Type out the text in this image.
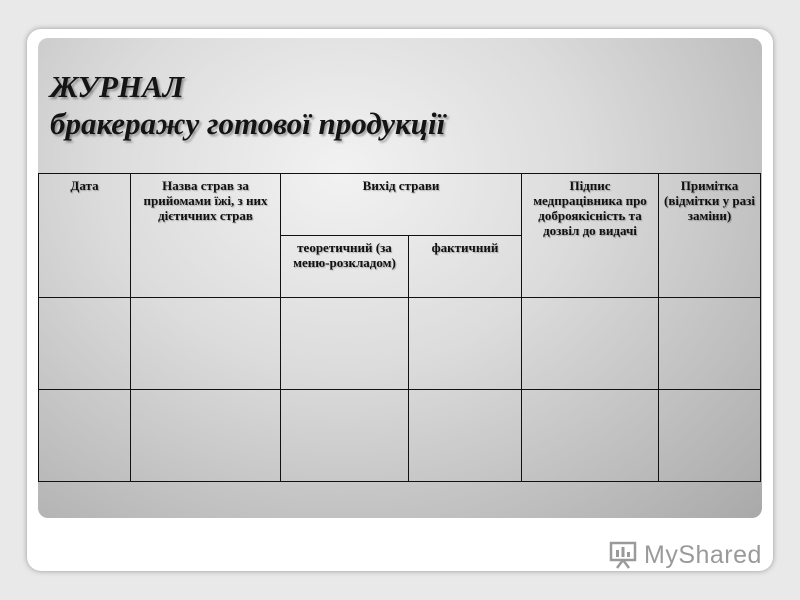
ЖУРНАЛ
бракеражу готової продукції
Дата	Назва страв за прийомами їжі, з них дієтичних страв	Вихід страви		Підпис медпрацівника про доброякісність та дозвіл до видачі	Примітка (відмітки у разі заміни)
		теоретичний (за меню-розкладом)	фактичний		

MyShared
